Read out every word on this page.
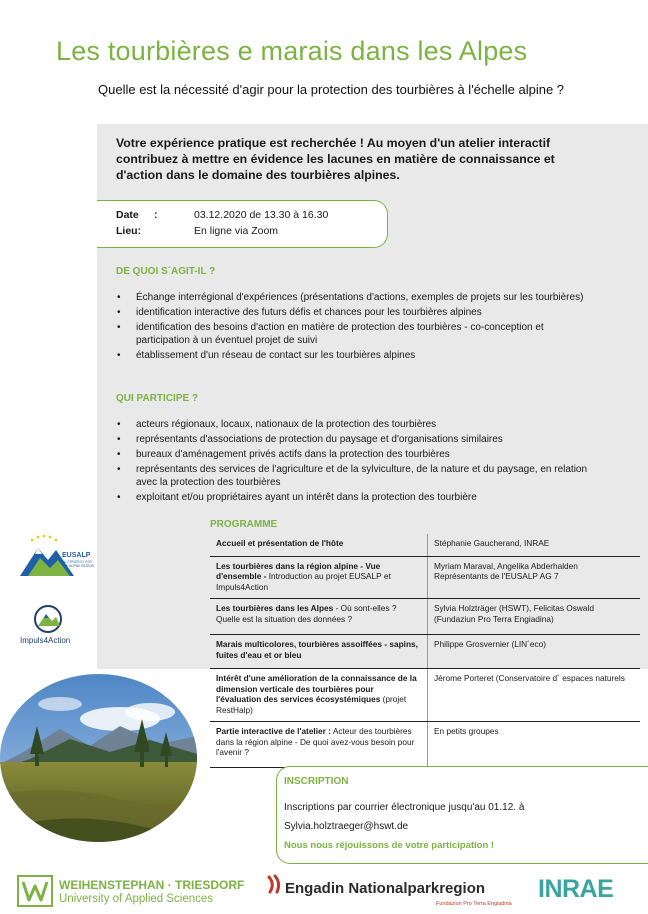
Les tourbières e marais dans les Alpes
Quelle est la nécessité d'agir pour la protection des tourbières à l'échelle alpine ?
Votre expérience pratique est recherchée ! Au moyen d'un atelier interactif
contribuez à mettre en évidence les lacunes en matière de connaissance et
d'action dans le domaine des tourbières alpines.
Date :	03.12.2020 de 13.30 à 16.30
Lieu:	En ligne via Zoom
DE QUOI S´AGIT-IL ?
• Échange interrégional d'expériences (présentations d'actions, exemples de projets sur les tourbières)
• identification interactive des futurs défis et chances pour les tourbières alpines
• identification des besoins d'action en matière de protection des tourbières - co-conception et participation à un éventuel projet de suivi
• établissement d'un réseau de contact sur les tourbières alpines
QUI PARTICIPE ?
• acteurs régionaux, locaux, nationaux de la protection des tourbières
• représentants d'associations de protection du paysage et d'organisations similaires
• bureaux d'aménagement privés actifs dans la protection des tourbières
• représentants des services de l'agriculture et de la sylviculture, de la nature et du paysage, en relation avec la protection des tourbières
• exploitant et/ou propriétaires ayant un intérêt dans la protection des tourbière
PROGRAMME
Accueil et présentation de l'hôte	Stéphanie Gaucherand, INRAE
Les tourbières dans la région alpine - Vue d'ensemble - Introduction au projet EUSALP et Impuls4Action	Myriam Maraval, Angelika Abderhalden Représentants de l'EUSALP AG 7
Les tourbières dans les Alpes - Où sont-elles ? Quelle est la situation des données ?	Sylvia Holzträger (HSWT), Felicitas Oswald (Fundaziun Pro Terra Engiadina)
Marais multicolores, tourbières assoiffées - sapins, fuites d'eau et or bleu	Philippe Grosvernier (LIN´eco)
Intérêt d'une amélioration de la connaissance de la dimension verticale des tourbières pour l'évaluation des services écosystémiques (projet RestHalp)	Jérome Porteret (Conservatoire d´ espaces naturels
Partie interactive de l'atelier : Acteur des tourbières dans la région alpine - De quoi avez-vous besoin pour l'avenir ?	En petits groupes
INSCRIPTION
Inscriptions par courrier électronique jusqu'au 01.12. à
Sylvia.holztraeger@hswt.de
Nous nous réjouissons de votre participation !
EUSALP
EU STRATEGY FOR
THE ALPINE REGION
Impuls4Action
WEIHENSTEPHAN · TRIESDORF
University of Applied Sciences
Engadin Nationalparkregion
Fundaziun Pro Terra Engiadina
INRAE
